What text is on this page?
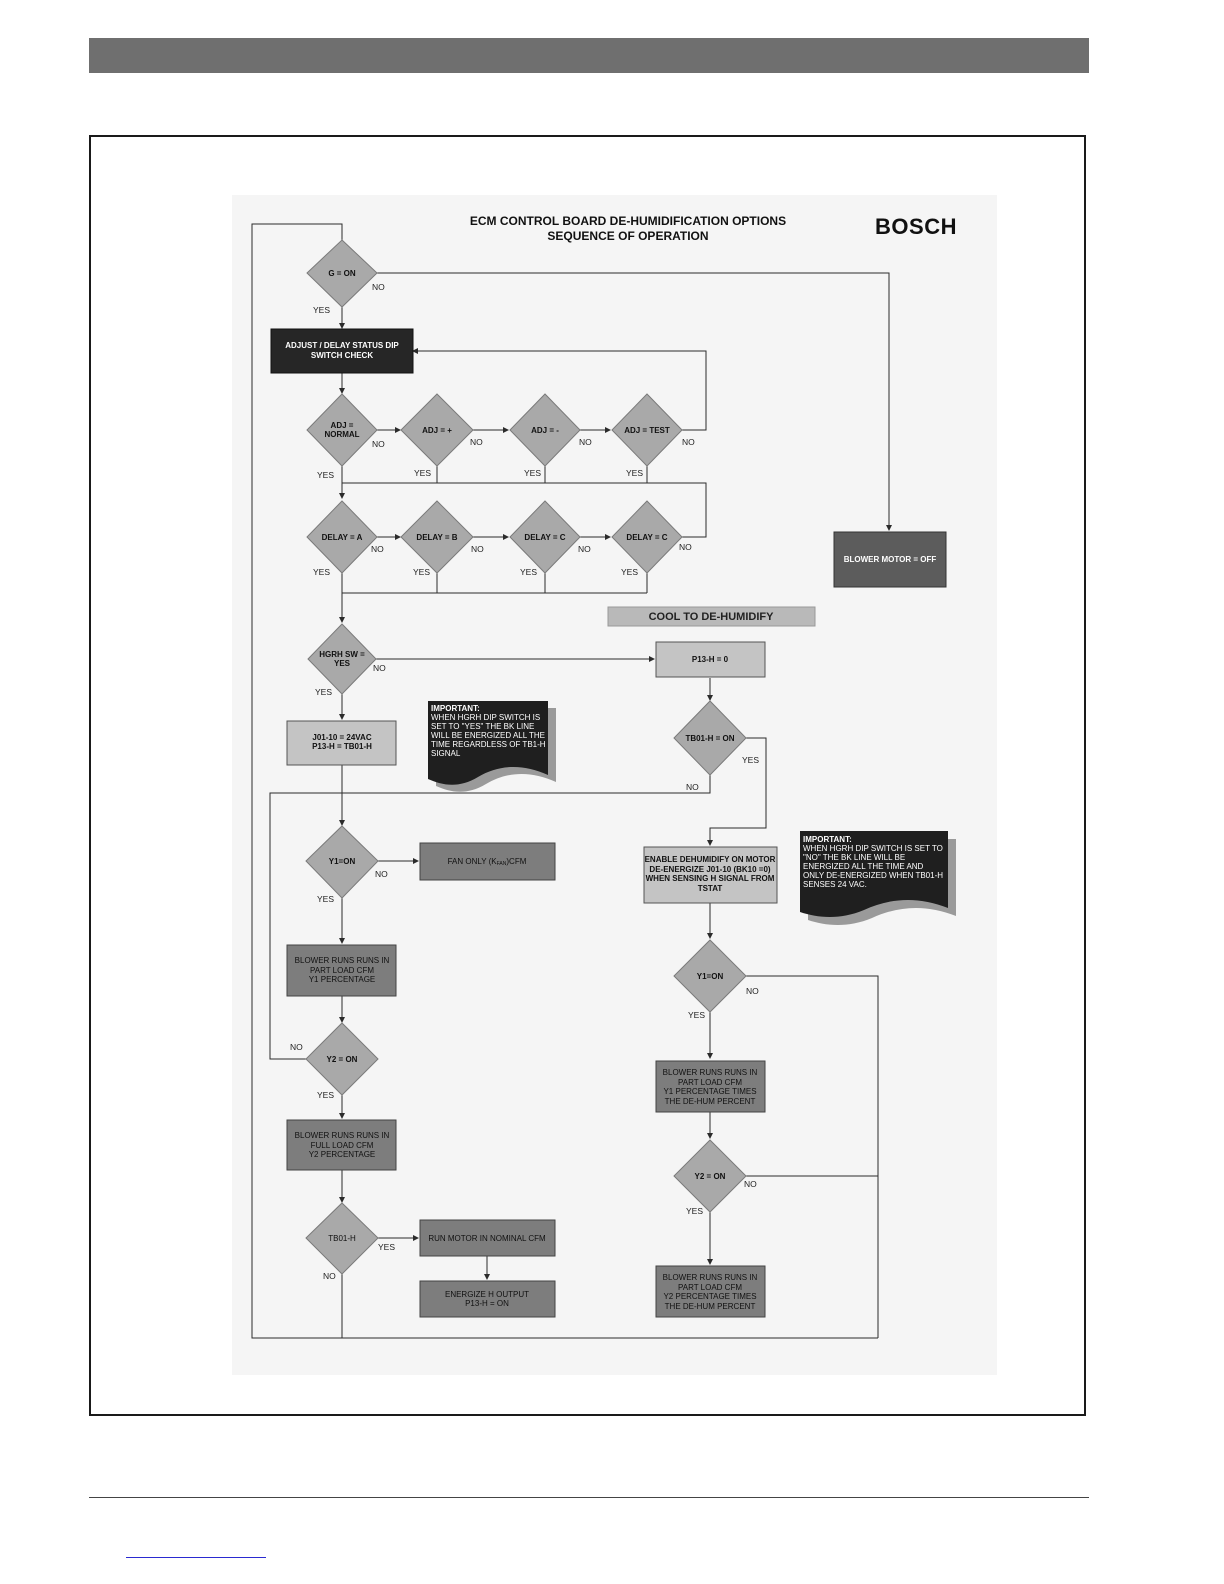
ECM CONTROL BOARD DE-HUMIDIFICATION OPTIONS
SEQUENCE OF OPERATION	BOSCH
G = ON
ADJ =
NORMAL	ADJ = +	ADJ = -	ADJ = TEST
DELAY = A	DELAY = B	DELAY = C	DELAY = C
HGRH SW =
YES
TB01-H = ON
Y1=ON
Y2 = ON
TB01-H
Y1=ON
Y2 = ON
ADJUST / DELAY STATUS DIP
SWITCH CHECK
BLOWER MOTOR = OFF
COOL TO DE-HUMIDIFY
P13-H = 0
J01-10 = 24VAC
P13-H = TB01-H
IMPORTANT:
WHEN HGRH DIP SWITCH IS
SET TO "YES" THE BK LINE
WILL BE ENERGIZED ALL THE
TIME REGARDLESS OF TB1-H
SIGNAL
IMPORTANT:
WHEN HGRH DIP SWITCH IS SET TO
"NO" THE BK LINE WILL BE
ENERGIZED ALL THE TIME AND
ONLY DE-ENERGIZED WHEN TB01-H
SENSES 24 VAC.
FAN ONLY (KFAN)CFM
BLOWER RUNS RUNS IN
PART LOAD CFM
Y1 PERCENTAGE
BLOWER RUNS RUNS IN
FULL LOAD CFM
Y2 PERCENTAGE
RUN MOTOR IN NOMINAL CFM
ENERGIZE H OUTPUT
P13-H = ON
ENABLE DEHUMIDIFY ON MOTOR
DE-ENERGIZE J01-10 (BK10 =0)
WHEN SENSING H SIGNAL FROM
TSTAT
BLOWER RUNS RUNS IN
PART LOAD CFM
Y1 PERCENTAGE TIMES
THE DE-HUM PERCENT
BLOWER RUNS RUNS IN
PART LOAD CFM
Y2 PERCENTAGE TIMES
THE DE-HUM PERCENT
NO
YES
NO	NO	NO	NO
YES	YES	YES	YES
NO	NO	NO	NO
YES	YES	YES	YES
NO
YES
YES
NO
NO
YES
NO
YES
YES
NO
NO
YES
NO
YES
